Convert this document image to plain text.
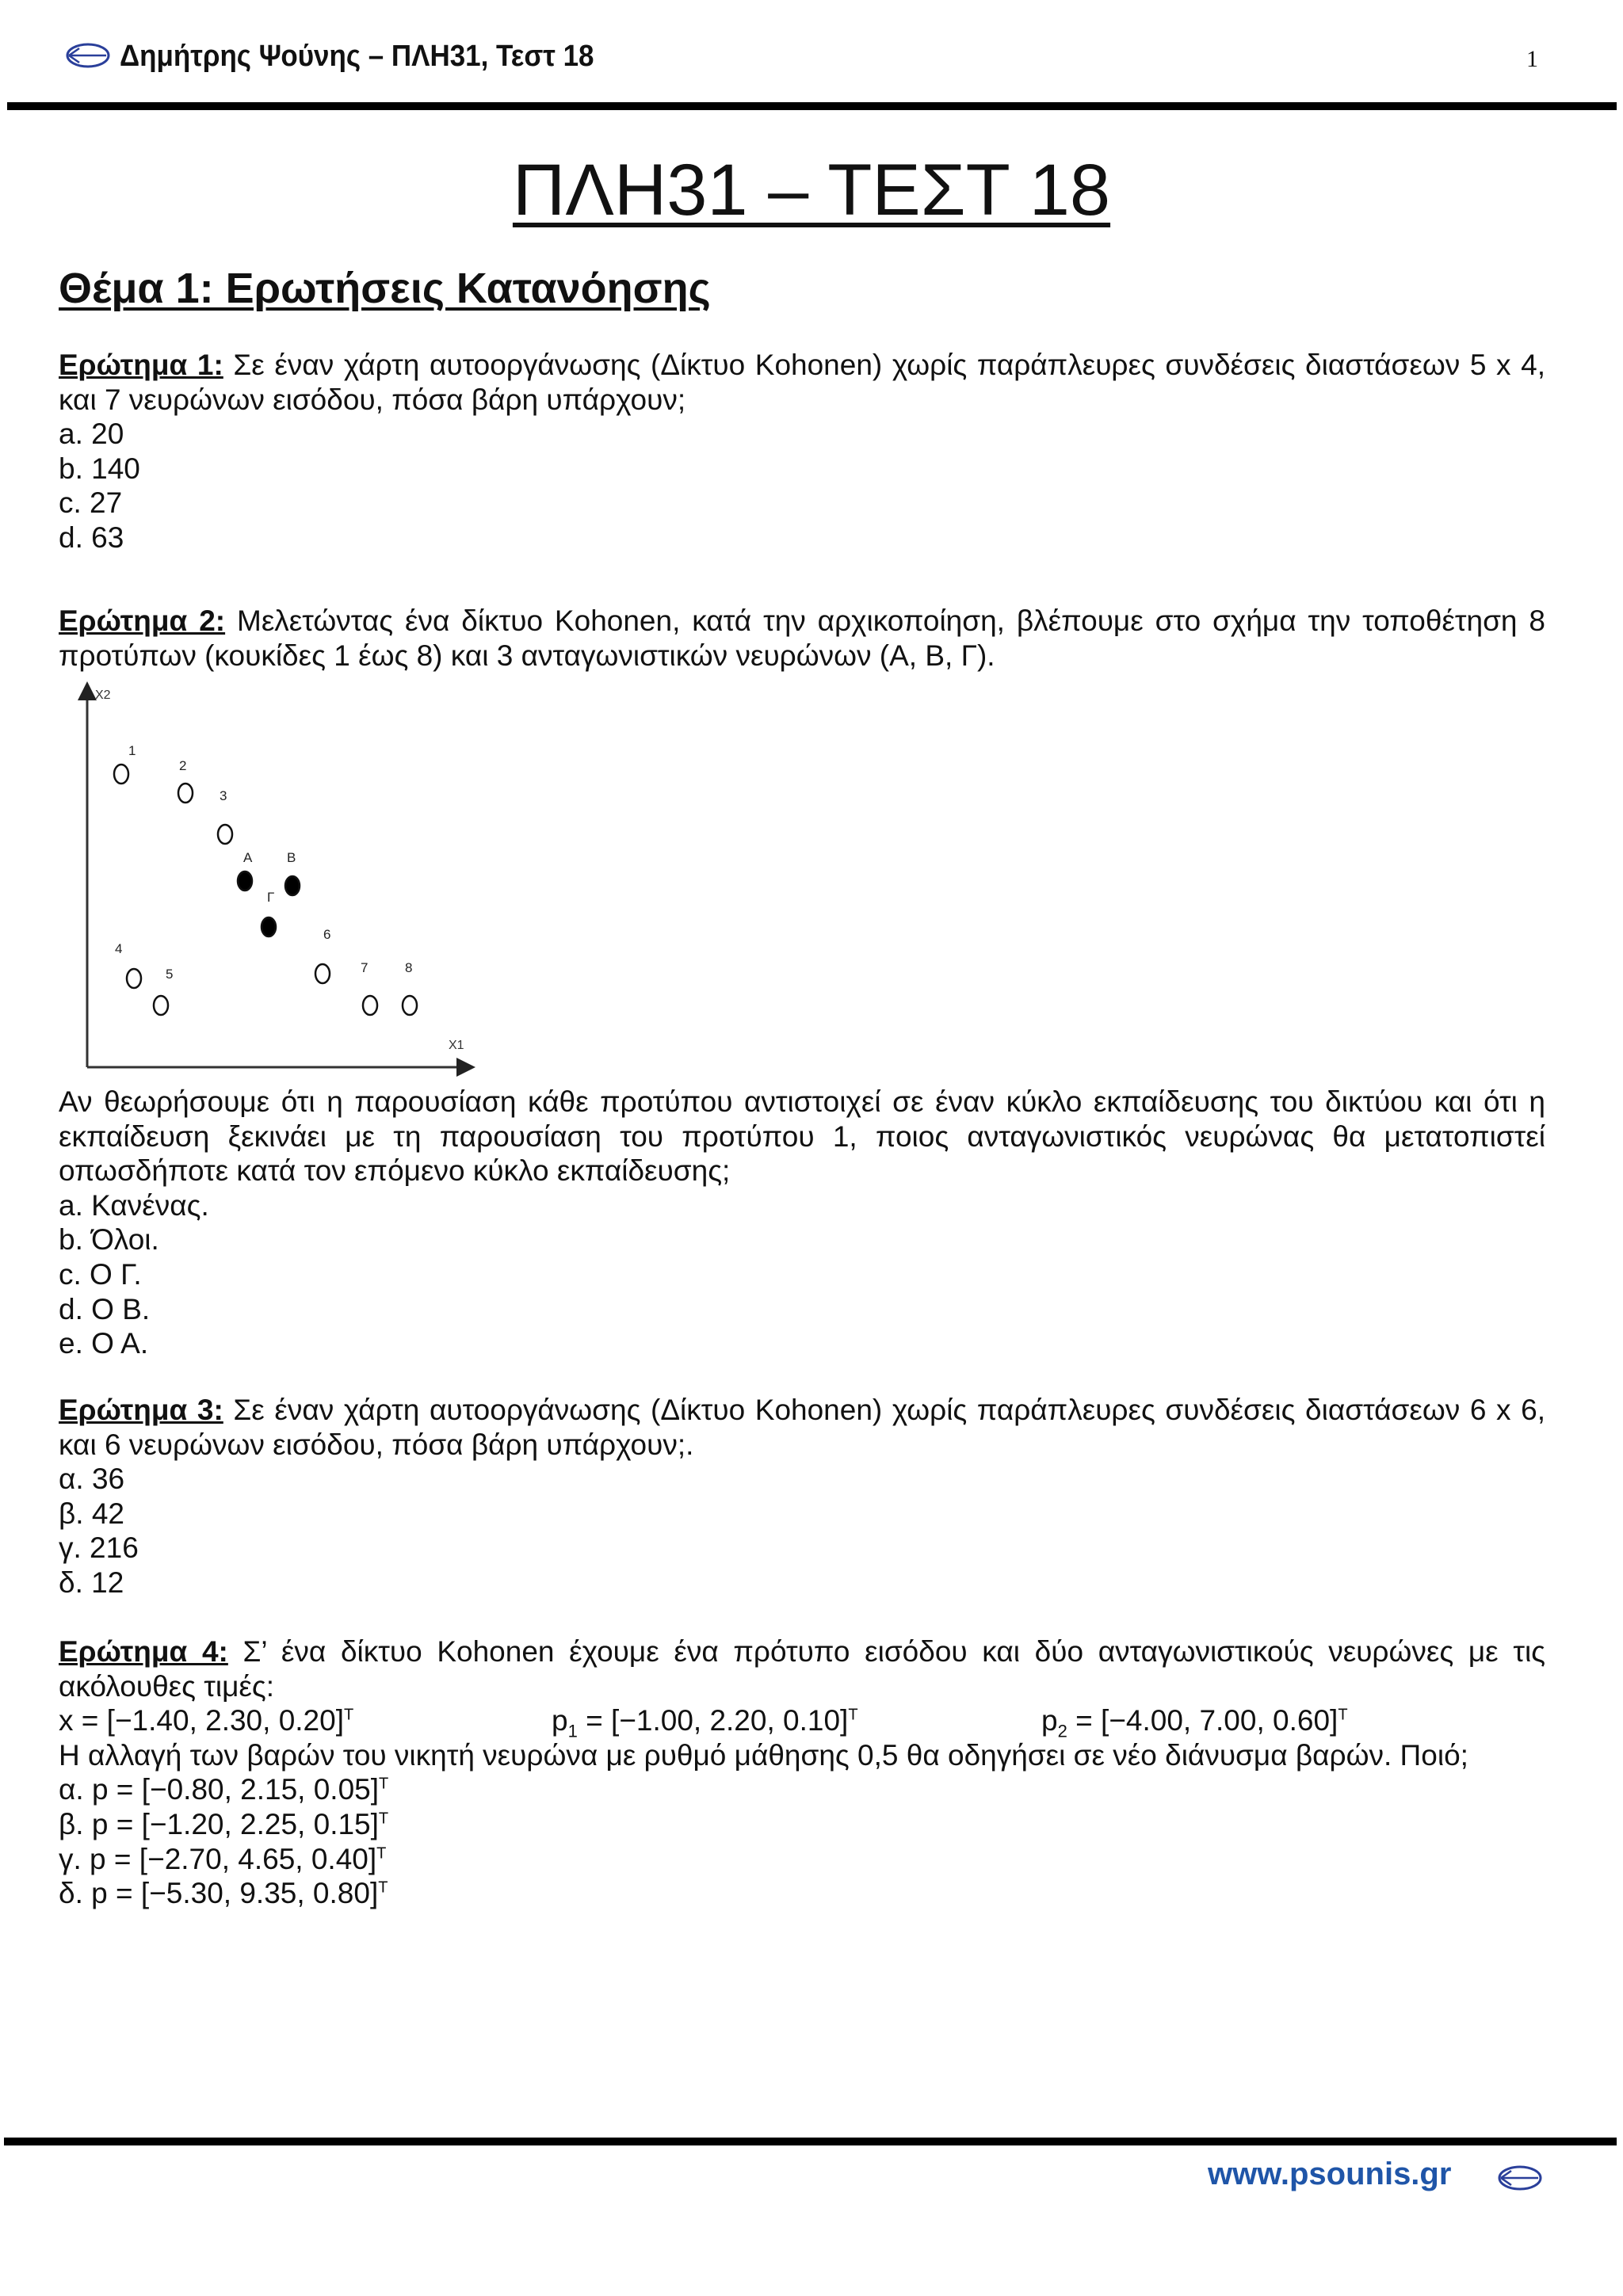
Δημήτρης Ψούνης – ΠΛΗ31, Τεστ 18	1
ΠΛΗ31 – ΤΕΣΤ 18
Θέμα 1: Ερωτήσεις Κατανόησης

Ερώτημα 1: Σε έναν χάρτη αυτοοργάνωσης (Δίκτυο Kohonen) χωρίς παράπλευρες συνδέσεις διαστάσεων 5 x 4, και 7 νευρώνων εισόδου, πόσα βάρη υπάρχουν;

a. 20
b. 140
c. 27
d. 63

Ερώτημα 2: Μελετώντας ένα δίκτυο Kohonen, κατά την αρχικοποίηση, βλέπουμε στο σχήμα την τοποθέτηση 8 προτύπων (κουκίδες 1 έως 8) και 3 ανταγωνιστικών νευρώνων (Α, Β, Γ).

X2
X1
1
2
3
4
5
6
7	8
Α	Β
Γ

Αν θεωρήσουμε ότι η παρουσίαση κάθε προτύπου αντιστοιχεί σε έναν κύκλο εκπαίδευσης του δικτύου και ότι η εκπαίδευση ξεκινάει με τη παρουσίαση του προτύπου 1, ποιος ανταγωνιστικός νευρώνας θα μετατοπιστεί οπωσδήποτε κατά τον επόμενο κύκλο εκπαίδευσης;

a. Κανένας.
b. Όλοι.
c. Ο Γ.
d. Ο Β.
e. Ο Α.

Ερώτημα 3: Σε έναν χάρτη αυτοοργάνωσης (Δίκτυο Kohonen) χωρίς παράπλευρες συνδέσεις διαστάσεων 6 x 6, και 6 νευρώνων εισόδου, πόσα βάρη υπάρχουν;.

α. 36
β. 42
γ. 216
δ. 12

Ερώτημα 4: Σ’ ένα δίκτυο Kohonen έχουμε ένα πρότυπο εισόδου και δύο ανταγωνιστικούς νευρώνες με τις ακόλουθες τιμές:

x = [−1.40, 2.30, 0.20]$^T$	$p_1 = [-1.00$, 2.20, 0.10]$^T$	$p_2 = [-4.00$, 7.00, 0.60]$^T$
Η αλλαγή των βαρών του νικητή νευρώνα με ρυθμό μάθησης 0,5 θα οδηγήσει σε νέο διάνυσμα βαρών. Ποιό;
α. p = [−0.80, 2.15, 0.05]$^T$
β. p = [−1.20, 2.25, 0.15]$^T$
γ. p = [−2.70, 4.65, 0.40]$^T$
δ. p = [−5.30, 9.35, 0.80]$^T$
www.psounis.gr
